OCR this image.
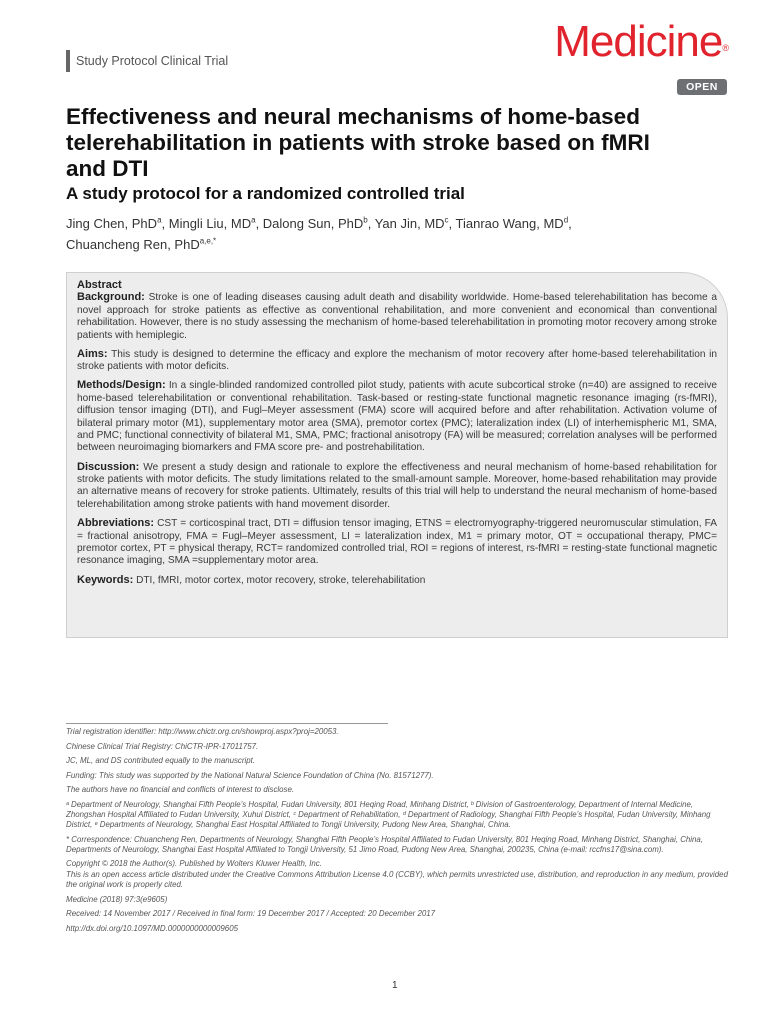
Study Protocol Clinical Trial	Medicine®
OPEN
Effectiveness and neural mechanisms of home-based telerehabilitation in patients with stroke based on fMRI and DTI
A study protocol for a randomized controlled trial
Jing Chen, PhD$^a$, Mingli Liu, $MD^a$, Dalong Sun, PhD$^b$, Yan Jin, $MD^c$, Tianrao Wang, $MD^d$,
Chuancheng Ren, PhD$^{a,e,*}$
Abstract

Background: Stroke is one of leading diseases causing adult death and disability worldwide. Home-based telerehabilitation has become a novel approach for stroke patients as effective as conventional rehabilitation, and more convenient and economical than conventional rehabilitation. However, there is no study assessing the mechanism of home-based telerehabilitation in promoting motor recovery among stroke patients with hemiplegic.

Aims: This study is designed to determine the efficacy and explore the mechanism of motor recovery after home-based telerehabilitation in stroke patients with motor deficits.

Methods/Design: In a single-blinded randomized controlled pilot study, patients with acute subcortical stroke (n=40) are assigned to receive home-based telerehabilitation or conventional rehabilitation. Task-based or resting-state functional magnetic resonance imaging (rs-fMRI), diffusion tensor imaging (DTI), and Fugl–Meyer assessment (FMA) score will acquired before and after rehabilitation. Activation volume of bilateral primary motor (M1), supplementary motor area (SMA), premotor cortex (PMC); lateralization index (LI) of interhemispheric M1, SMA, and PMC; functional connectivity of bilateral M1, SMA, PMC; fractional anisotropy (FA) will be measured; correlation analyses will be performed between neuroimaging biomarkers and FMA score pre- and postrehabilitation.

Discussion: We present a study design and rationale to explore the effectiveness and neural mechanism of home-based rehabilitation for stroke patients with motor deficits. The study limitations related to the small-amount sample. Moreover, home-based rehabilitation may provide an alternative means of recovery for stroke patients. Ultimately, results of this trial will help to understand the neural mechanism of home-based telerehabilitation among stroke patients with hand movement disorder.

Abbreviations: CST = corticospinal tract, DTI = diffusion tensor imaging, ETNS = electromyography-triggered neuromuscular stimulation, FA = fractional anisotropy, FMA = Fugl–Meyer assessment, LI = lateralization index, M1 = primary motor, OT = occupational therapy, PMC= premotor cortex, PT = physical therapy, RCT= randomized controlled trial, ROI = regions of interest, rs-fMRI = resting-state functional magnetic resonance imaging, SMA =supplementary motor area.

Keywords: DTI, fMRI, motor cortex, motor recovery, stroke, telerehabilitation

Trial registration identifier: http://www.chictr.org.cn/showproj.aspx?proj=20053.

Chinese Clinical Trial Registry: ChiCTR-IPR-17011757.

JC, ML, and DS contributed equally to the manuscript.

Funding: This study was supported by the National Natural Science Foundation of China (No. 81571277).

The authors have no financial and conflicts of interest to disclose.

ᵃ Department of Neurology, Shanghai Fifth People’s Hospital, Fudan University, 801 Heqing Road, Minhang District, ᵇ Division of Gastroenterology, Department of Internal Medicine, Zhongshan Hospital Affiliated to Fudan University, Xuhui District, ᶜ Department of Rehabilitation, ᵈ Department of Radiology, Shanghai Fifth People’s Hospital, Fudan University, Minhang District, ᵉ Departments of Neurology, Shanghai East Hospital Affiliated to Tongji University, Pudong New Area, Shanghai, China.

* Correspondence: Chuancheng Ren, Departments of Neurology, Shanghai Fifth People’s Hospital Affiliated to Fudan University, 801 Heqing Road, Minhang District, Shanghai, China, Departments of Neurology, Shanghai East Hospital Affiliated to Tongji University, 51 Jimo Road, Pudong New Area, Shanghai, 200235, China (e-mail: rccfns17@sina.com).

Copyright © 2018 the Author(s). Published by Wolters Kluwer Health, Inc.

This is an open access article distributed under the Creative Commons Attribution License 4.0 (CCBY), which permits unrestricted use, distribution, and reproduction in any medium, provided the original work is properly cited.

Medicine (2018) 97:3(e9605)

Received: 14 November 2017 / Received in final form: 19 December 2017 / Accepted: 20 December 2017

http://dx.doi.org/10.1097/MD.0000000000009605

1
